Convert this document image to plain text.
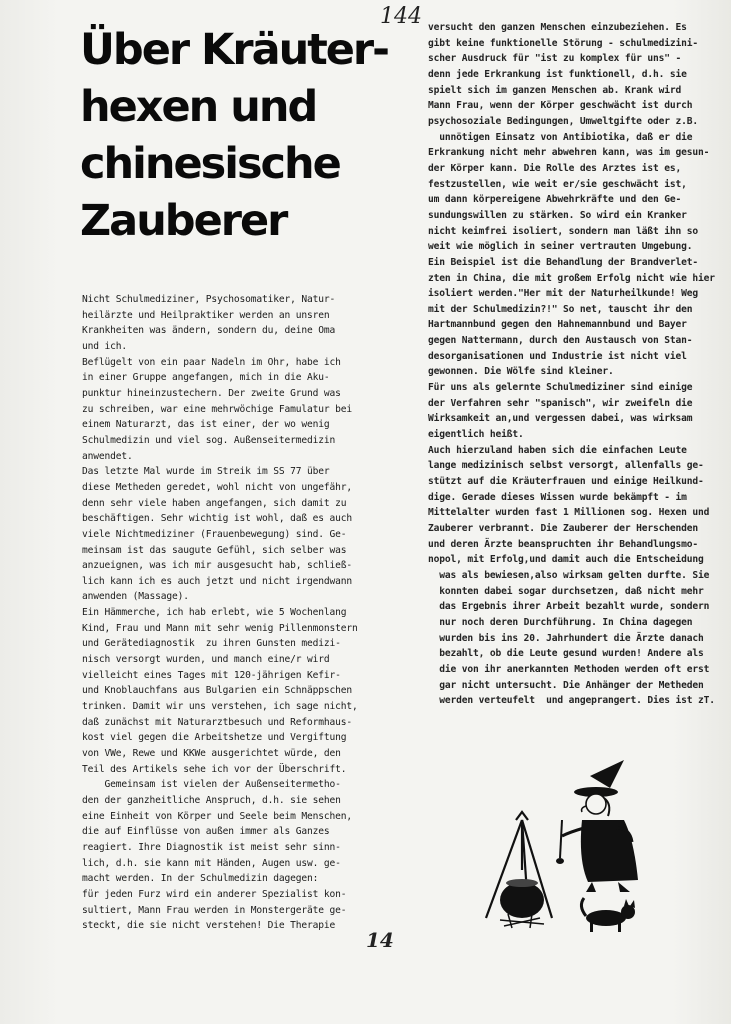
144
Über Kräuter-
hexen und
chinesische
Zauberer
Nicht Schulmediziner, Psychosomatiker, Natur-
heilärzte und Heilpraktiker werden an unsren
Krankheiten was ändern, sondern du, deine Oma
und ich.
Beflügelt von ein paar Nadeln im Ohr, habe ich
in einer Gruppe angefangen, mich in die Aku-
punktur hineinzustechern. Der zweite Grund was
zu schreiben, war eine mehrwöchige Famulatur bei
einem Naturarzt, das ist einer, der wo wenig
Schulmedizin und viel sog. Außenseitermedizin
anwendet.
Das letzte Mal wurde im Streik im SS 77 über
diese Metheden geredet, wohl nicht von ungefähr,
denn sehr viele haben angefangen, sich damit zu
beschäftigen. Sehr wichtig ist wohl, daß es auch
viele Nichtmediziner (Frauenbewegung) sind. Ge-
meinsam ist das saugute Gefühl, sich selber was
anzueignen, was ich mir ausgesucht hab, schließ-
lich kann ich es auch jetzt und nicht irgendwann
anwenden (Massage).
Ein Hämmerche, ich hab erlebt, wie 5 Wochenlang
Kind, Frau und Mann mit sehr wenig Pillenmonstern
und Gerätediagnostik  zu ihren Gunsten medizi-
nisch versorgt wurden, und manch eine/r wird
vielleicht eines Tages mit 120-jährigen Kefir-
und Knoblauchfans aus Bulgarien ein Schnäppschen
trinken. Damit wir uns verstehen, ich sage nicht,
daß zunächst mit Naturarztbesuch und Reformhaus-
kost viel gegen die Arbeitshetze und Vergiftung
von VWe, Rewe und KKWe ausgerichtet würde, den
Teil des Artikels sehe ich vor der Überschrift.
Gemeinsam ist vielen der Außenseitermetho-
den der ganzheitliche Anspruch, d.h. sie sehen
eine Einheit von Körper und Seele beim Menschen,
die auf Einflüsse von außen immer als Ganzes
reagiert. Ihre Diagnostik ist meist sehr sinn-
lich, d.h. sie kann mit Händen, Augen usw. ge-
macht werden. In der Schulmedizin dagegen:
für jeden Furz wird ein anderer Spezialist kon-
sultiert, Mann Frau werden in Monstergeräte ge-
steckt, die sie nicht verstehen! Die Therapie
versucht den ganzen Menschen einzubeziehen. Es
gibt keine funktionelle Störung - schulmedizini-
scher Ausdruck für "ist zu komplex für uns" -
denn jede Erkrankung ist funktionell, d.h. sie
spielt sich im ganzen Menschen ab. Krank wird
Mann Frau, wenn der Körper geschwächt ist durch
psychosoziale Bedingungen, Umweltgifte oder z.B.
unnötigen Einsatz von Antibiotika, daß er die
Erkrankung nicht mehr abwehren kann, was im gesun-
der Körper kann. Die Rolle des Arztes ist es,
festzustellen, wie weit er/sie geschwächt ist,
um dann körpereigene Abwehrkräfte und den Ge-
sundungswillen zu stärken. So wird ein Kranker
nicht keimfrei isoliert, sondern man läßt ihn so
weit wie möglich in seiner vertrauten Umgebung.
Ein Beispiel ist die Behandlung der Brandverlet-
zten in China, die mit großem Erfolg nicht wie hier
isoliert werden."Her mit der Naturheilkunde! Weg
mit der Schulmedizin?!" So net, tauscht ihr den
Hartmannbund gegen den Hahnemannbund und Bayer
gegen Nattermann, durch den Austausch von Stan-
desorganisationen und Industrie ist nicht viel
gewonnen. Die Wölfe sind kleiner.
Für uns als gelernte Schulmediziner sind einige
der Verfahren sehr "spanisch", wir zweifeln die
Wirksamkeit an,und vergessen dabei, was wirksam
eigentlich heißt.
Auch hierzuland haben sich die einfachen Leute
lange medizinisch selbst versorgt, allenfalls ge-
stützt auf die Kräuterfrauen und einige Heilkund-
dige. Gerade dieses Wissen wurde bekämpft - im
Mittelalter wurden fast 1 Millionen sog. Hexen und
Zauberer verbrannt. Die Zauberer der Herschenden
und deren Ärzte beanspruchten ihr Behandlungsmo-
nopol, mit Erfolg,und damit auch die Entscheidung
was als bewiesen,also wirksam gelten durfte. Sie
konnten dabei sogar durchsetzen, daß nicht mehr
das Ergebnis ihrer Arbeit bezahlt wurde, sondern
nur noch deren Durchführung. In China dagegen
wurden bis ins 20. Jahrhundert die Ärzte danach
bezahlt, ob die Leute gesund wurden! Andere als
die von ihr anerkannten Methoden werden oft erst
gar nicht untersucht. Die Anhänger der Metheden
werden verteufelt  und angeprangert. Dies ist zT.
14
